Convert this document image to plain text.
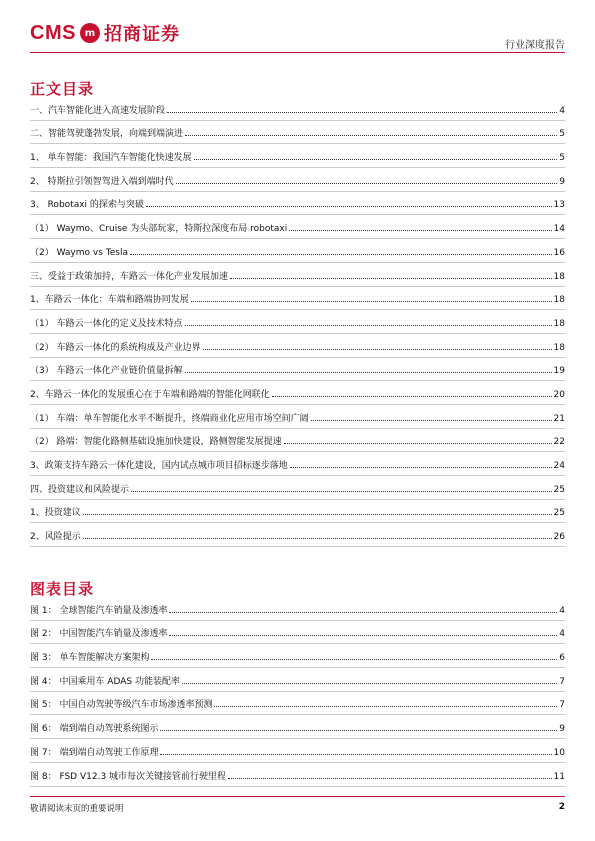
CMS m 招商证券
行业深度报告
正文目录
一、汽车智能化进入高速发展阶段	4
二、智能驾驶蓬勃发展，向端到端演进	5
1、 单车智能：我国汽车智能化快速发展	5
2、 特斯拉引领智驾进入端到端时代	9
3、 Robotaxi 的探索与突破	13
（1） Waymo、Cruise 为头部玩家，特斯拉深度布局 robotaxi	14
（2） Waymo vs Tesla	16
三、受益于政策加持，车路云一体化产业发展加速	18
1、车路云一体化：车端和路端协同发展	18
（1） 车路云一体化的定义及技术特点	18
（2） 车路云一体化的系统构成及产业边界	18
（3） 车路云一体化产业链价值量拆解	19
2、车路云一体化的发展重心在于车端和路端的智能化网联化	20
（1） 车端：单车智能化水平不断提升，终端商业化应用市场空间广阔	21
（2） 路端：智能化路侧基础设施加快建设，路侧智能发展提速	22
3、政策支持车路云一体化建设，国内试点城市项目招标逐步落地	24
四、投资建议和风险提示	25
1、投资建议	25
2、风险提示	26
图表目录
图 1： 全球智能汽车销量及渗透率	4
图 2： 中国智能汽车销量及渗透率	4
图 3： 单车智能解决方案架构	6
图 4： 中国乘用车 ADAS 功能装配率	7
图 5： 中国自动驾驶等级汽车市场渗透率预测	7
图 6： 端到端自动驾驶系统图示	9
图 7： 端到端自动驾驶工作原理	10
图 8： FSD V12.3 城市每次关键接管前行驶里程	11
敬请阅读末页的重要说明	2
